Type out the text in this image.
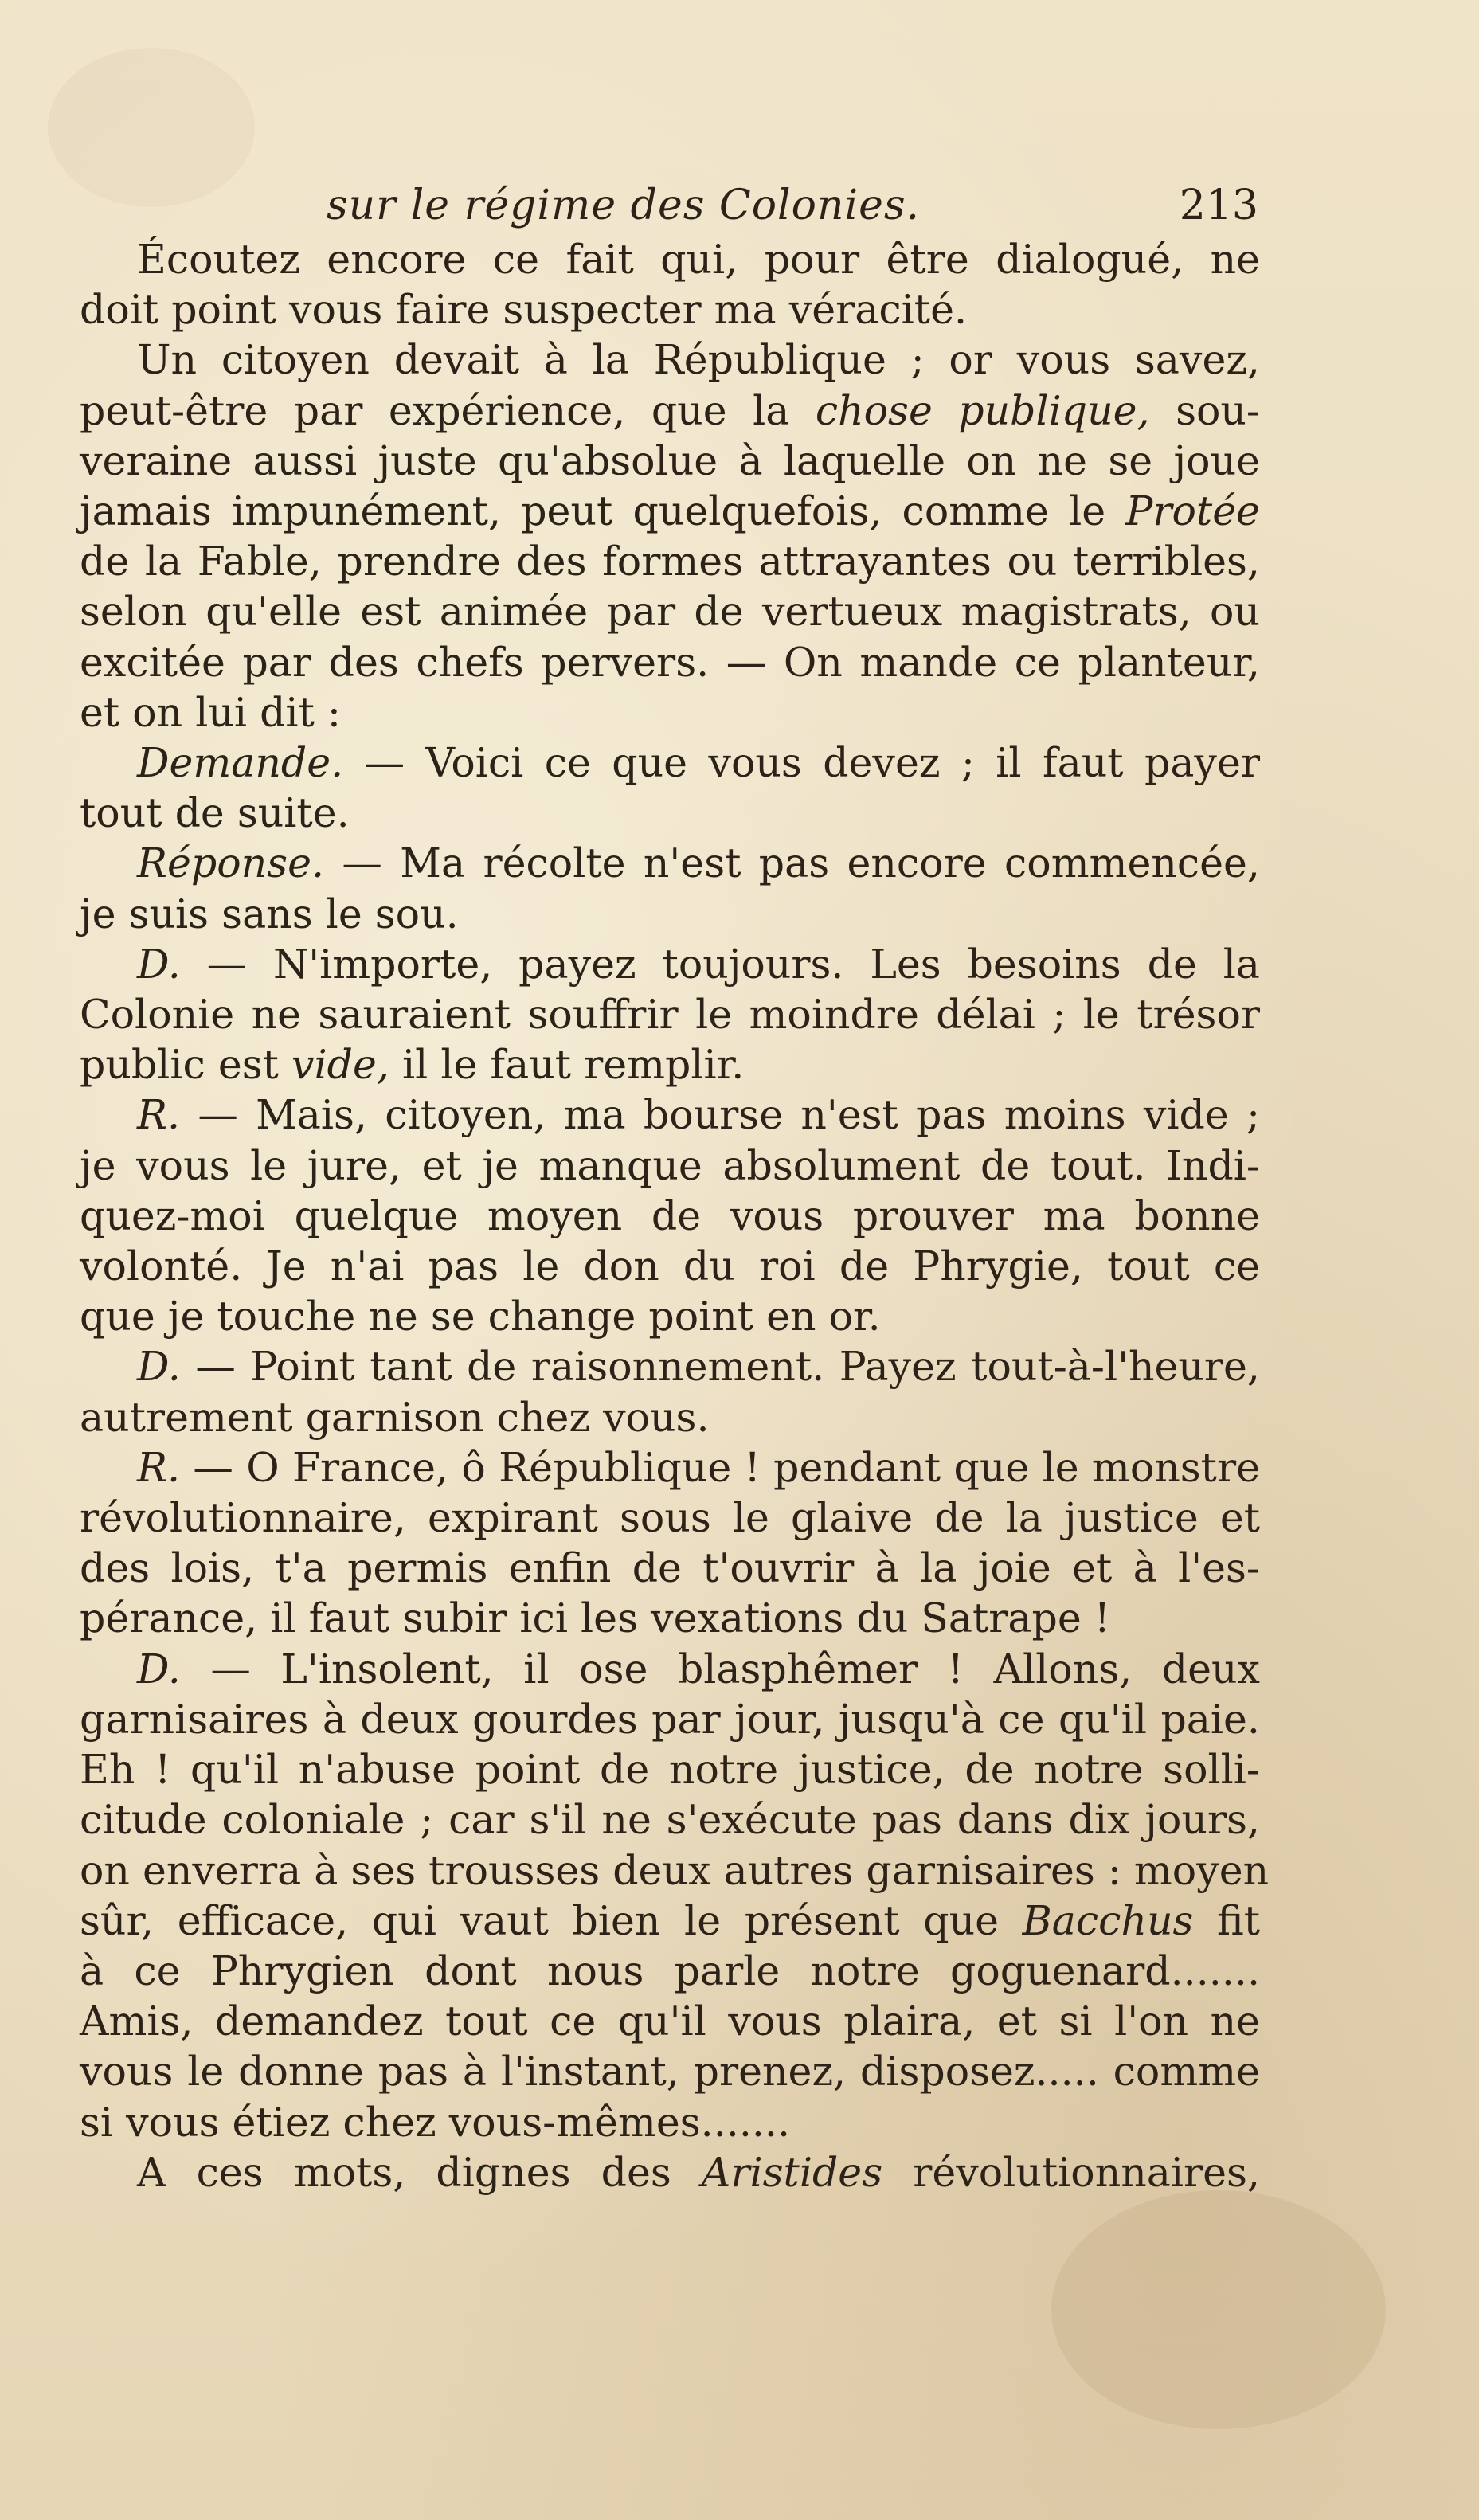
sur le régime des Colonies.	213
Écoutez encore ce fait qui, pour être dialogué, ne
doit point vous faire suspecter ma véracité.
Un citoyen devait à la République ; or vous savez,
peut-être par expérience, que la chose publique, sou-
veraine aussi juste qu'absolue à laquelle on ne se joue
jamais impunément, peut quelquefois, comme le Protée
de la Fable, prendre des formes attrayantes ou terribles,
selon qu'elle est animée par de vertueux magistrats, ou
excitée par des chefs pervers. — On mande ce planteur,
et on lui dit :
Demande. — Voici ce que vous devez ; il faut payer
tout de suite.
Réponse. — Ma récolte n'est pas encore commencée,
je suis sans le sou.
D. — N'importe, payez toujours. Les besoins de la
Colonie ne sauraient souffrir le moindre délai ; le trésor
public est vide, il le faut remplir.
R. — Mais, citoyen, ma bourse n'est pas moins vide ;
je vous le jure, et je manque absolument de tout. Indi-
quez-moi quelque moyen de vous prouver ma bonne
volonté. Je n'ai pas le don du roi de Phrygie, tout ce
que je touche ne se change point en or.
D. — Point tant de raisonnement. Payez tout-à-l'heure,
autrement garnison chez vous.
R. — O France, ô République ! pendant que le monstre
révolutionnaire, expirant sous le glaive de la justice et
des lois, t'a permis enfin de t'ouvrir à la joie et à l'es-
pérance, il faut subir ici les vexations du Satrape !
D. — L'insolent, il ose blasphêmer ! Allons, deux
garnisaires à deux gourdes par jour, jusqu'à ce qu'il paie.
Eh ! qu'il n'abuse point de notre justice, de notre solli-
citude coloniale ; car s'il ne s'exécute pas dans dix jours,
on enverra à ses trousses deux autres garnisaires : moyen
sûr, efficace, qui vaut bien le présent que Bacchus fit
à ce Phrygien dont nous parle notre goguenard.......
Amis, demandez tout ce qu'il vous plaira, et si l'on ne
vous le donne pas à l'instant, prenez, disposez..... comme
si vous étiez chez vous-mêmes.......
A ces mots, dignes des Aristides révolutionnaires,
